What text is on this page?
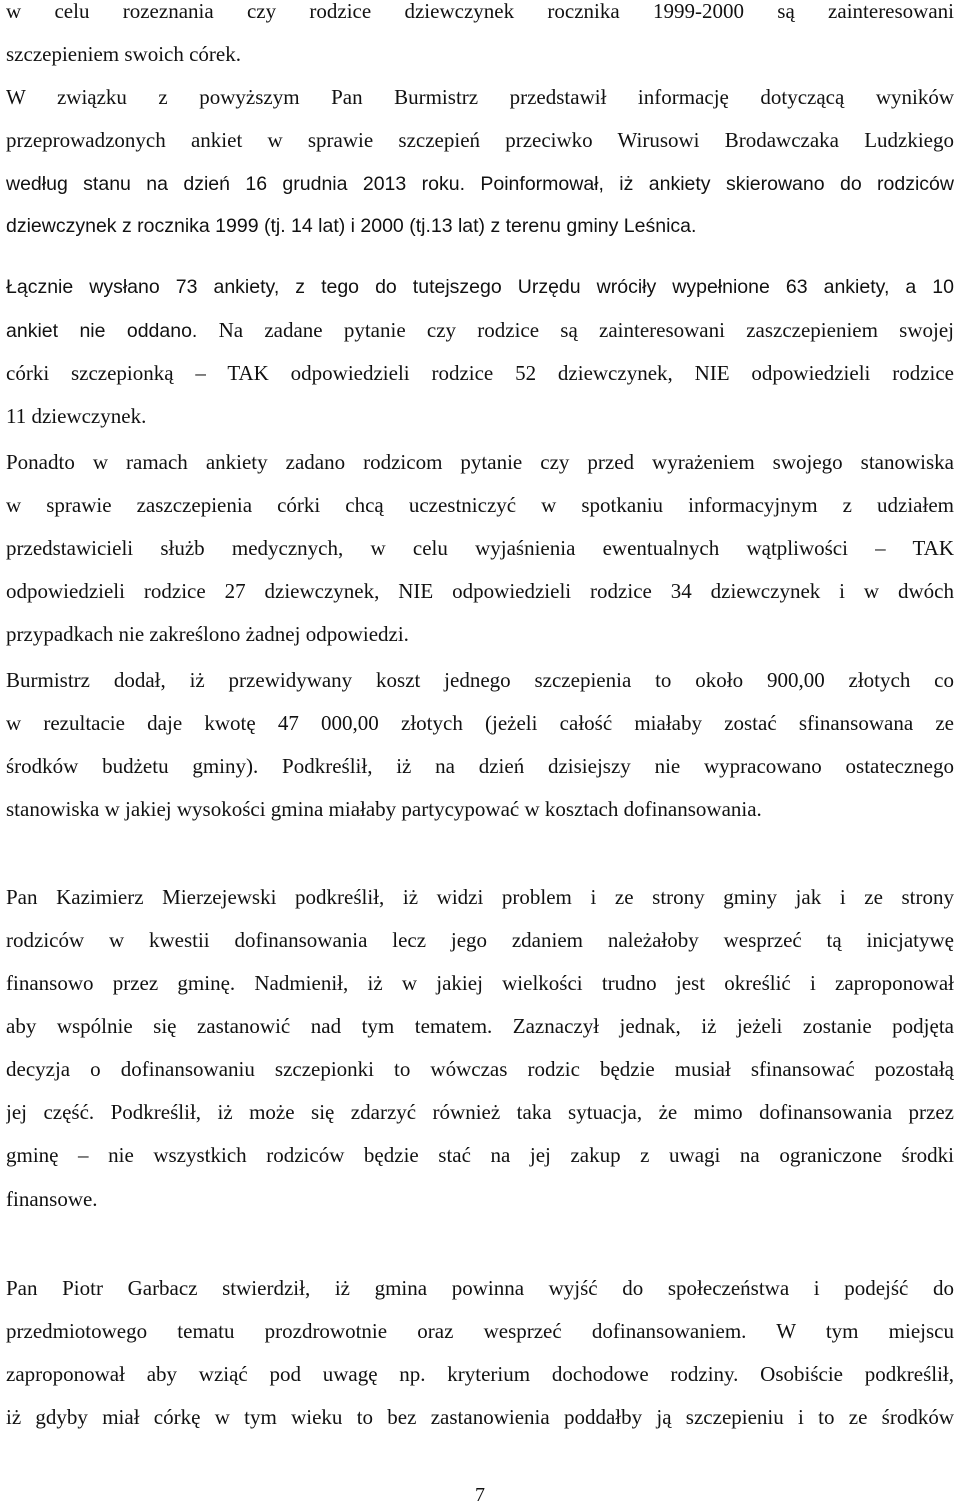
w celu rozeznania czy rodzice dziewczynek rocznika 1999-2000 są zainteresowani
szczepieniem swoich córek.
W związku z powyższym Pan Burmistrz przedstawił informację dotyczącą wyników
przeprowadzonych ankiet w sprawie szczepień przeciwko Wirusowi Brodawczaka Ludzkiego
według stanu na dzień 16 grudnia 2013 roku. Poinformował, iż ankiety skierowano do rodziców
dziewczynek z rocznika 1999 (tj. 14 lat) i 2000 (tj.13 lat) z terenu gminy Leśnica.
Łącznie wysłano 73 ankiety, z tego do tutejszego Urzędu wróciły wypełnione 63 ankiety, a 10
ankiet nie oddano. Na zadane pytanie czy rodzice są zainteresowani zaszczepieniem swojej
córki szczepionką – TAK odpowiedzieli rodzice 52 dziewczynek, NIE odpowiedzieli rodzice
11 dziewczynek.
Ponadto w ramach ankiety zadano rodzicom pytanie czy przed wyrażeniem swojego stanowiska
w sprawie zaszczepienia córki chcą uczestniczyć w spotkaniu informacyjnym z udziałem
przedstawicieli służb medycznych, w celu wyjaśnienia ewentualnych wątpliwości – TAK
odpowiedzieli rodzice 27 dziewczynek, NIE odpowiedzieli rodzice 34 dziewczynek i w dwóch
przypadkach nie zakreślono żadnej odpowiedzi.
Burmistrz dodał, iż przewidywany koszt jednego szczepienia to około 900,00 złotych co
w rezultacie daje kwotę 47 000,00 złotych (jeżeli całość miałaby zostać sfinansowana ze
środków budżetu gminy). Podkreślił, iż na dzień dzisiejszy nie wypracowano ostatecznego
stanowiska w jakiej wysokości gmina miałaby partycypować w kosztach dofinansowania.
Pan Kazimierz Mierzejewski podkreślił, iż widzi problem i ze strony gminy jak i ze strony
rodziców w kwestii dofinansowania lecz jego zdaniem należałoby wesprzeć tą inicjatywę
finansowo przez gminę. Nadmienił, iż w jakiej wielkości trudno jest określić i zaproponował
aby wspólnie się zastanowić nad tym tematem. Zaznaczył jednak, iż jeżeli zostanie podjęta
decyzja o dofinansowaniu szczepionki to wówczas rodzic będzie musiał sfinansować pozostałą
jej część. Podkreślił, iż może się zdarzyć również taka sytuacja, że mimo dofinansowania przez
gminę – nie wszystkich rodziców będzie stać na jej zakup z uwagi na ograniczone środki
finansowe.
Pan Piotr Garbacz stwierdził, iż gmina powinna wyjść do społeczeństwa i podejść do
przedmiotowego tematu prozdrowotnie oraz wesprzeć dofinansowaniem. W tym miejscu
zaproponował aby wziąć pod uwagę np. kryterium dochodowe rodziny. Osobiście podkreślił,
iż gdyby miał córkę w tym wieku to bez zastanowienia poddałby ją szczepieniu i to ze środków
7
